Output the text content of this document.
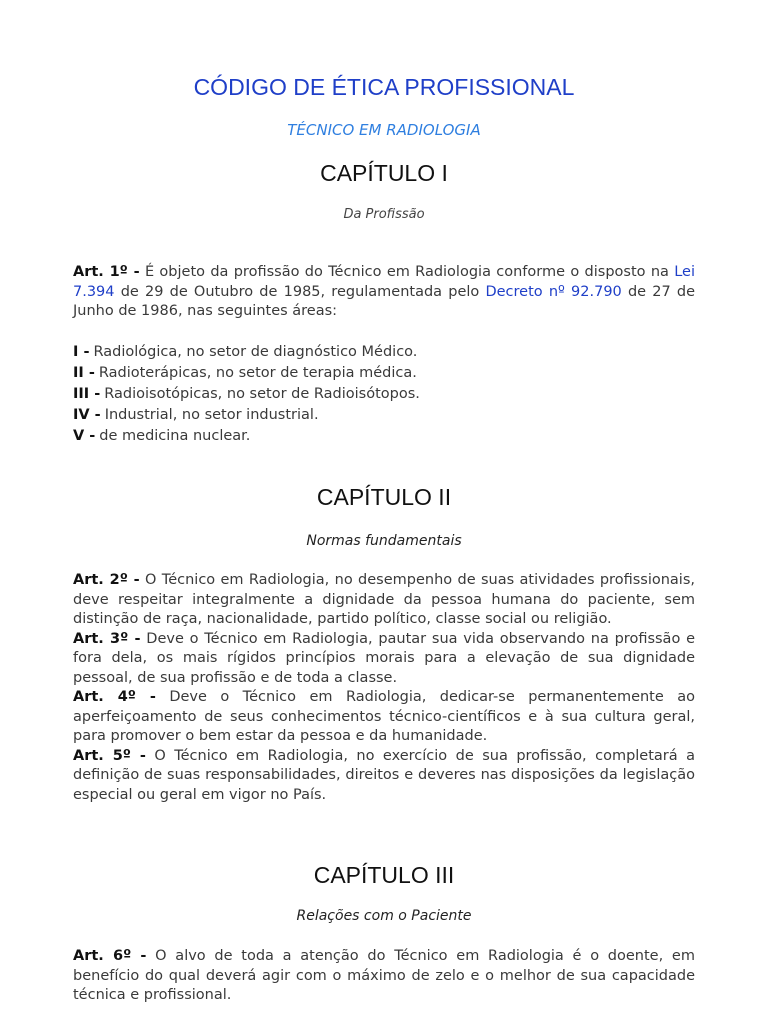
CÓDIGO DE ÉTICA PROFISSIONAL
TÉCNICO EM RADIOLOGIA
CAPÍTULO I
Da Profissão

Art. 1º - É objeto da profissão do Técnico em Radiologia conforme o disposto na Lei 7.394 de 29 de Outubro de 1985, regulamentada pelo Decreto nº 92.790 de 27 de Junho de 1986, nas seguintes áreas:

I - Radiológica, no setor de diagnóstico Médico.
II - Radioterápicas, no setor de terapia médica.
III - Radioisotópicas, no setor de Radioisótopos.
IV - Industrial, no setor industrial.
V - de medicina nuclear.
CAPÍTULO II
Normas fundamentais

Art. 2º - O Técnico em Radiologia, no desempenho de suas atividades profissionais, deve respeitar integralmente a dignidade da pessoa humana do paciente, sem distinção de raça, nacionalidade, partido político, classe social ou religião.

Art. 3º - Deve o Técnico em Radiologia, pautar sua vida observando na profissão e fora dela, os mais rígidos princípios morais para a elevação de sua dignidade pessoal, de sua profissão e de toda a classe.

Art. 4º - Deve o Técnico em Radiologia, dedicar-se permanentemente ao aperfeiçoamento de seus conhecimentos técnico-científicos e à sua cultura geral, para promover o bem estar da pessoa e da humanidade.

Art. 5º - O Técnico em Radiologia, no exercício de sua profissão, completará a definição de suas responsabilidades, direitos e deveres nas disposições da legislação especial ou geral em vigor no País.

CAPÍTULO III
Relações com o Paciente

Art. 6º - O alvo de toda a atenção do Técnico em Radiologia é o doente, em benefício do qual deverá agir com o máximo de zelo e o melhor de sua capacidade técnica e profissional.
